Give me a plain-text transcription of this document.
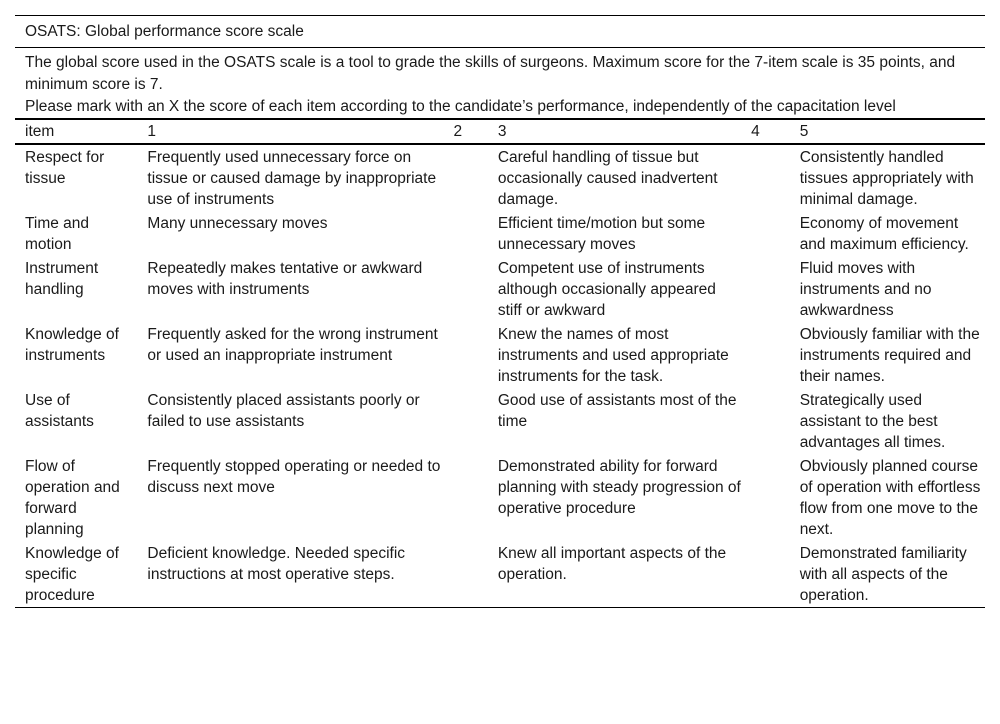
OSATS: Global performance score scale
The global score used in the OSATS scale is a tool to grade the skills of surgeons. Maximum score for the 7-item scale is 35 points, and minimum score is 7.
Please mark with an X the score of each item according to the candidate’s performance, independently of the capacitation level
item	1	2	3	4	5
Respect for tissue	Frequently used unnecessary force on tissue or caused damage by inappropriate use of instruments		Careful handling of tissue but occasionally caused inadvertent damage.		Consistently handled tissues appropriately with minimal damage.
Time and motion	Many unnecessary moves		Efficient time/motion but some unnecessary moves		Economy of movement and maximum efficiency.
Instrument handling	Repeatedly makes tentative or awkward moves with instruments		Competent use of instruments although occasionally appeared stiff or awkward		Fluid moves with instruments and no awkwardness
Knowledge of instruments	Frequently asked for the wrong instrument or used an inappropriate instrument		Knew the names of most instruments and used appropriate instruments for the task.		Obviously familiar with the instruments required and their names.
Use of assistants	Consistently placed assistants poorly or failed to use assistants		Good use of assistants most of the time		Strategically used assistant to the best advantages all times.
Flow of operation and forward planning	Frequently stopped operating or needed to discuss next move		Demonstrated ability for forward planning with steady progression of operative procedure		Obviously planned course of operation with effortless flow from one move to the next.
Knowledge of specific procedure	Deficient knowledge. Needed specific instructions at most operative steps.		Knew all important aspects of the operation.		Demonstrated familiarity with all aspects of the operation.
